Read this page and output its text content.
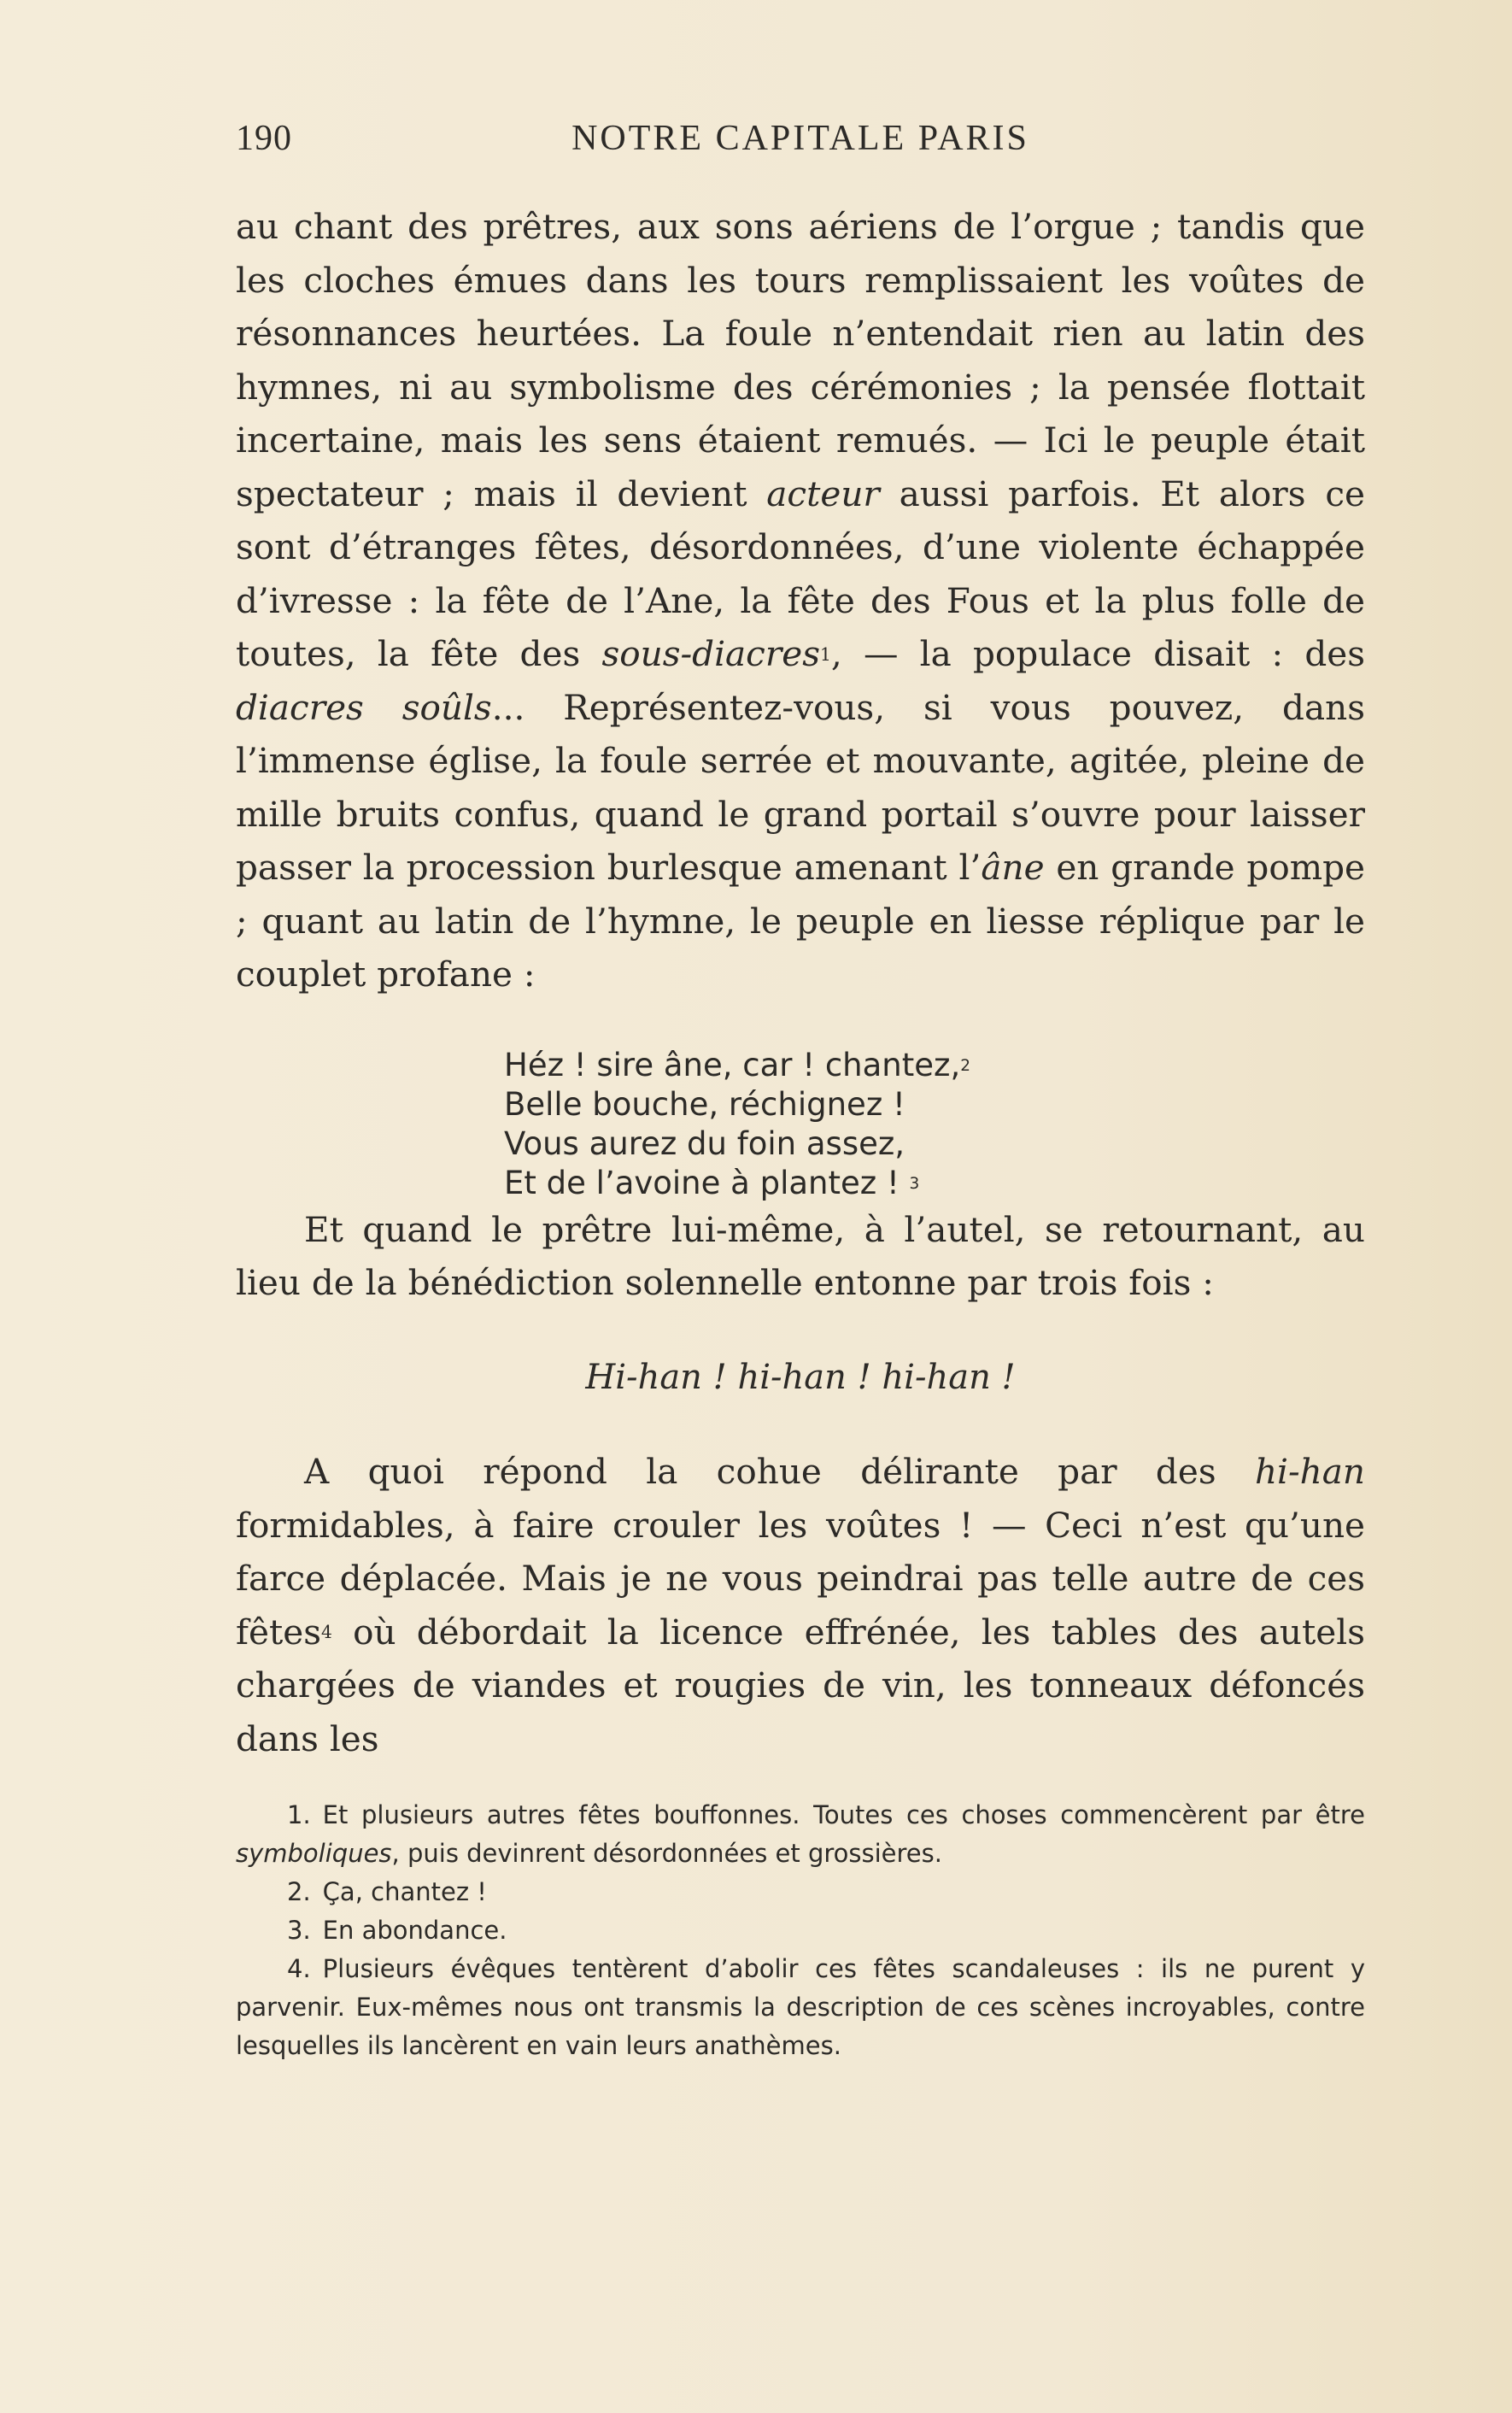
190	NOTRE CAPITALE PARIS

au chant des prêtres, aux sons aériens de l’orgue ; tandis que les cloches émues dans les tours remplissaient les voûtes de résonnances heurtées. La foule n’entendait rien au latin des hymnes, ni au symbolisme des cérémonies ; la pensée flottait incertaine, mais les sens étaient remués. — Ici le peuple était spectateur ; mais il devient acteur aussi parfois. Et alors ce sont d’étranges fêtes, désordonnées, d’une violente échappée d’ivresse : la fête de l’Ane, la fête des Fous et la plus folle de toutes, la fête des sous-diacres$^1$, — la populace disait : des diacres soûls... Représentez-vous, si vous pouvez, dans l’immense église, la foule serrée et mouvante, agitée, pleine de mille bruits confus, quand le grand portail s’ouvre pour laisser passer la procession burlesque amenant l’âne en grande pompe ; quant au latin de l’hymne, le peuple en liesse réplique par le couplet profane :

Héz ! sire âne, car ! chantez,$^2$
Belle bouche, réchignez !
Vous aurez du foin assez,
Et de l’avoine à plantez ! $^3$

Et quand le prêtre lui-même, à l’autel, se retournant, au lieu de la bénédiction solennelle entonne par trois fois :

Hi-han ! hi-han ! hi-han !

A quoi répond la cohue délirante par des hi-han formidables, à faire crouler les voûtes ! — Ceci n’est qu’une farce déplacée. Mais je ne vous peindrai pas telle autre de ces fêtes$^4$ où débordait la licence effrénée, les tables des autels chargées de viandes et rougies de vin, les tonneaux défoncés dans les

1. Et plusieurs autres fêtes bouffonnes. Toutes ces choses commencèrent par être symboliques, puis devinrent désordonnées et grossières.

2. Ça, chantez !

3. En abondance.

4. Plusieurs évêques tentèrent d’abolir ces fêtes scandaleuses : ils ne purent y parvenir. Eux-mêmes nous ont transmis la description de ces scènes incroyables, contre lesquelles ils lancèrent en vain leurs anathèmes.
